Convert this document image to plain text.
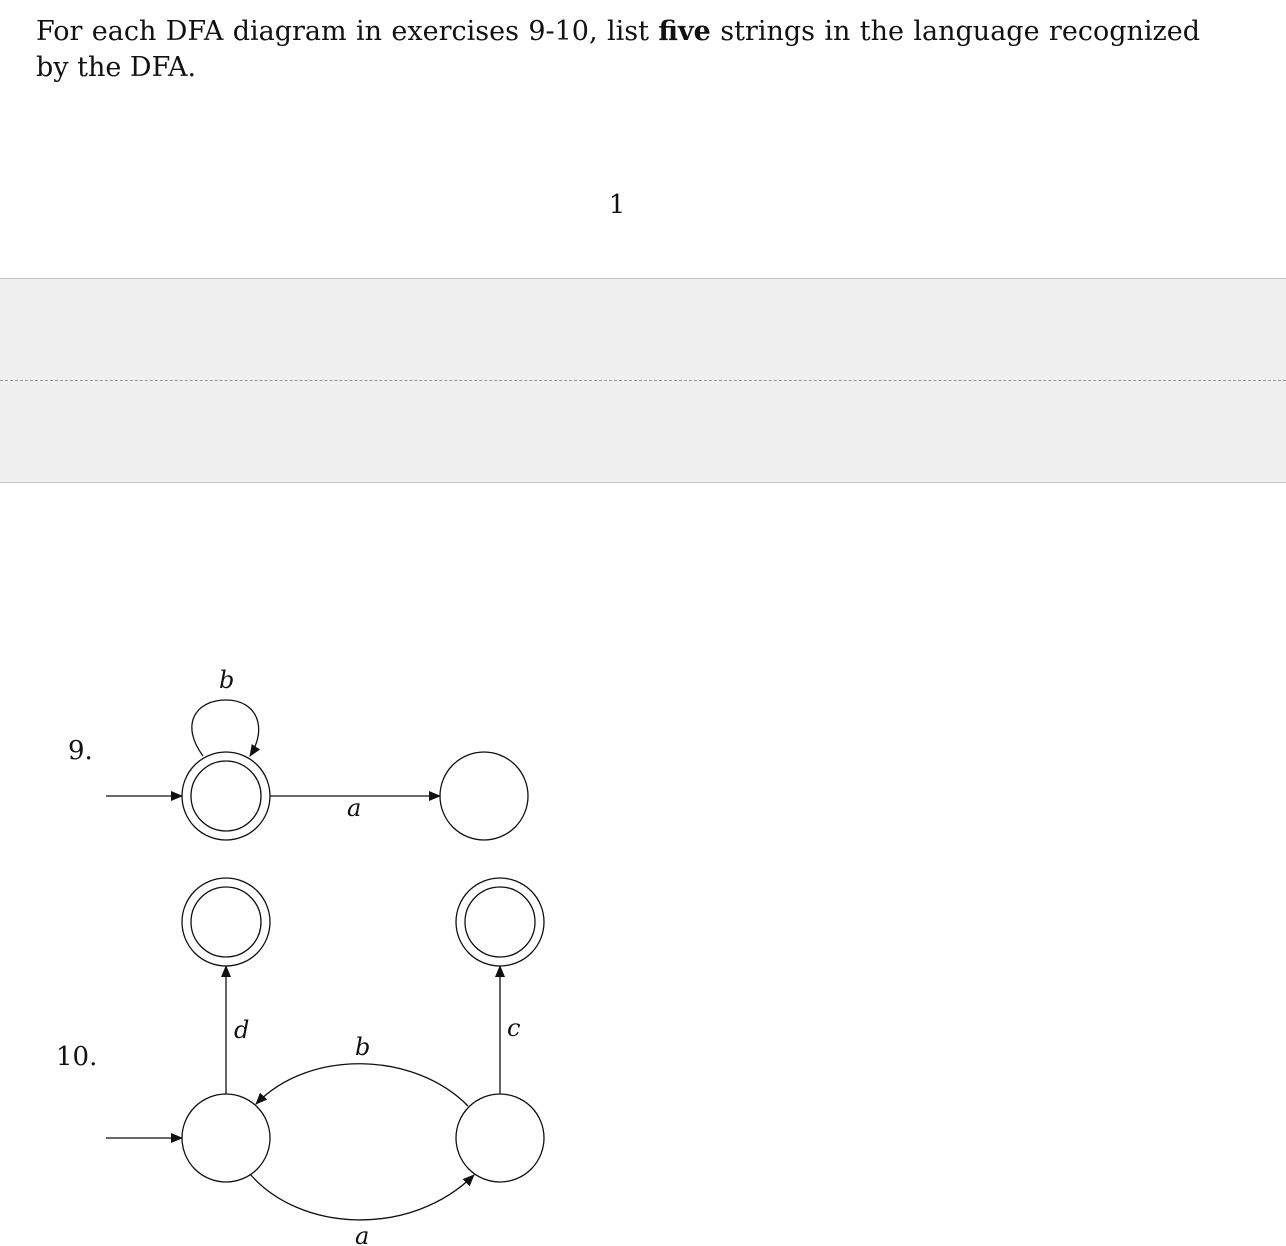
For each DFA diagram in exercises 9-10, list five strings in the language recognized by the DFA.

1
9.
10.
b
a
d	c
b
a
